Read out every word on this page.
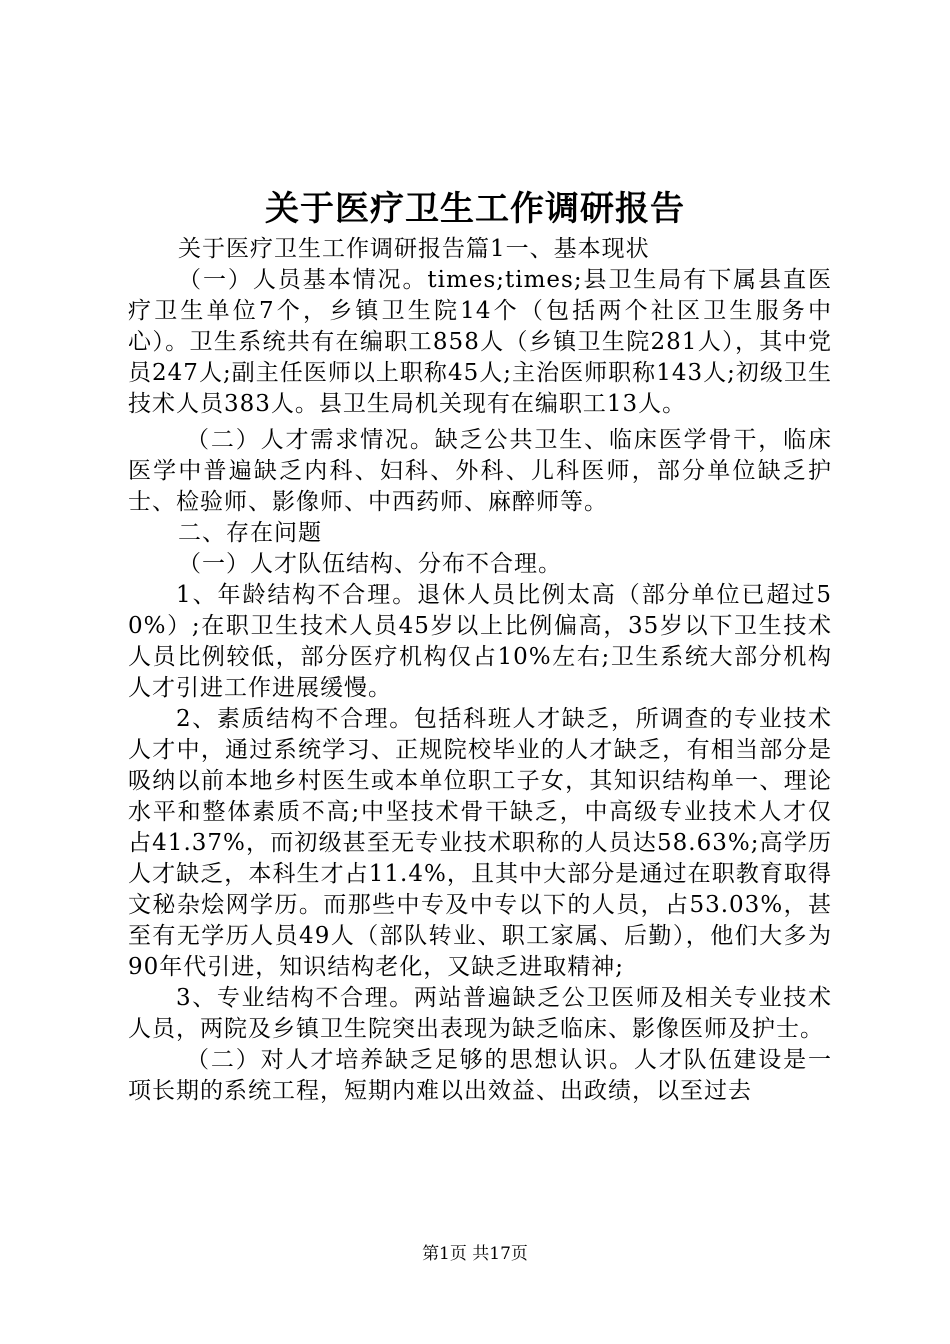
关于医疗卫生工作调研报告

关于医疗卫生工作调研报告篇1一、基本现状

（一）人员基本情况。times;times;县卫生局有下属县直医疗卫生单位7个，乡镇卫生院14个（包括两个社区卫生服务中心）。卫生系统共有在编职工858人（乡镇卫生院281人），其中党员247人;副主任医师以上职称45人;主治医师职称143人;初级卫生技术人员383人。县卫生局机关现有在编职工13人。

（二）人才需求情况。缺乏公共卫生、临床医学骨干，临床医学中普遍缺乏内科、妇科、外科、儿科医师，部分单位缺乏护士、检验师、影像师、中西药师、麻醉师等。

二、存在问题

（一）人才队伍结构、分布不合理。

1、年龄结构不合理。退休人员比例太高（部分单位已超过50%）;在职卫生技术人员45岁以上比例偏高，35岁以下卫生技术人员比例较低，部分医疗机构仅占10%左右;卫生系统大部分机构人才引进工作进展缓慢。

2、素质结构不合理。包括科班人才缺乏，所调查的专业技术人才中，通过系统学习、正规院校毕业的人才缺乏，有相当部分是吸纳以前本地乡村医生或本单位职工子女，其知识结构单一、理论水平和整体素质不高;中坚技术骨干缺乏，中高级专业技术人才仅占41.37%，而初级甚至无专业技术职称的人员达58.63%;高学历人才缺乏，本科生才占11.4%，且其中大部分是通过在职教育取得文秘杂烩网学历。而那些中专及中专以下的人员，占53.03%，甚至有无学历人员49人（部队转业、职工家属、后勤），他们大多为90年代引进，知识结构老化，又缺乏进取精神;

3、专业结构不合理。两站普遍缺乏公卫医师及相关专业技术人员，两院及乡镇卫生院突出表现为缺乏临床、影像医师及护士。

（二）对人才培养缺乏足够的思想认识。人才队伍建设是一项长期的系统工程，短期内难以出效益、出政绩，以至过去

第1页 共17页
